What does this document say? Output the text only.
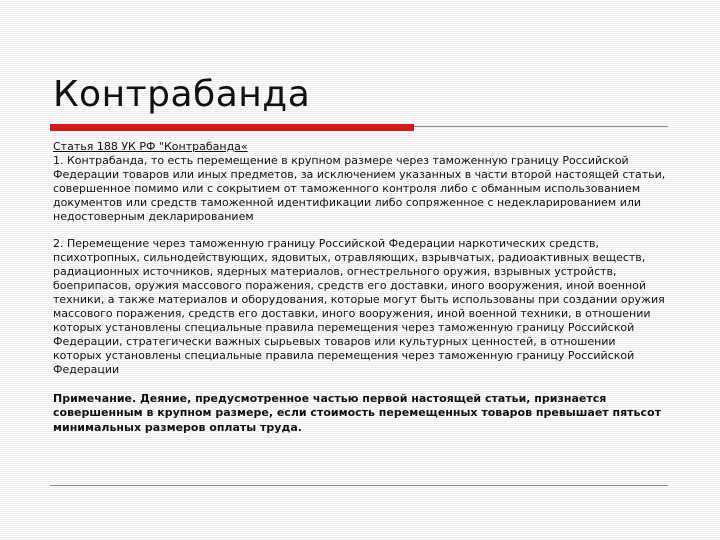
Контрабанда
Статья 188 УК РФ "Контрабанда«
1. Контрабанда, то есть перемещение в крупном размере через таможенную границу Российской Федерации товаров или иных предметов, за исключением указанных в части второй настоящей статьи, совершенное помимо или с сокрытием от таможенного контроля либо с обманным использованием документов или средств таможенной идентификации либо сопряженное с недекларированием или недостоверным декларированием
2. Перемещение через таможенную границу Российской Федерации наркотических средств, психотропных, сильнодействующих, ядовитых, отравляющих, взрывчатых, радиоактивных веществ, радиационных источников, ядерных материалов, огнестрельного оружия, взрывных устройств, боеприпасов, оружия массового поражения, средств его доставки, иного вооружения, иной военной техники, а также материалов и оборудования, которые могут быть использованы при создании оружия массового поражения, средств его доставки, иного вооружения, иной военной техники, в отношении которых установлены специальные правила перемещения через таможенную границу Российской Федерации, стратегически важных сырьевых товаров или культурных ценностей, в отношении которых установлены специальные правила перемещения через таможенную границу Российской Федерации
Примечание. Деяние, предусмотренное частью первой настоящей статьи, признается совершенным в крупном размере, если стоимость перемещенных товаров превышает пятьсот минимальных размеров оплаты труда.
